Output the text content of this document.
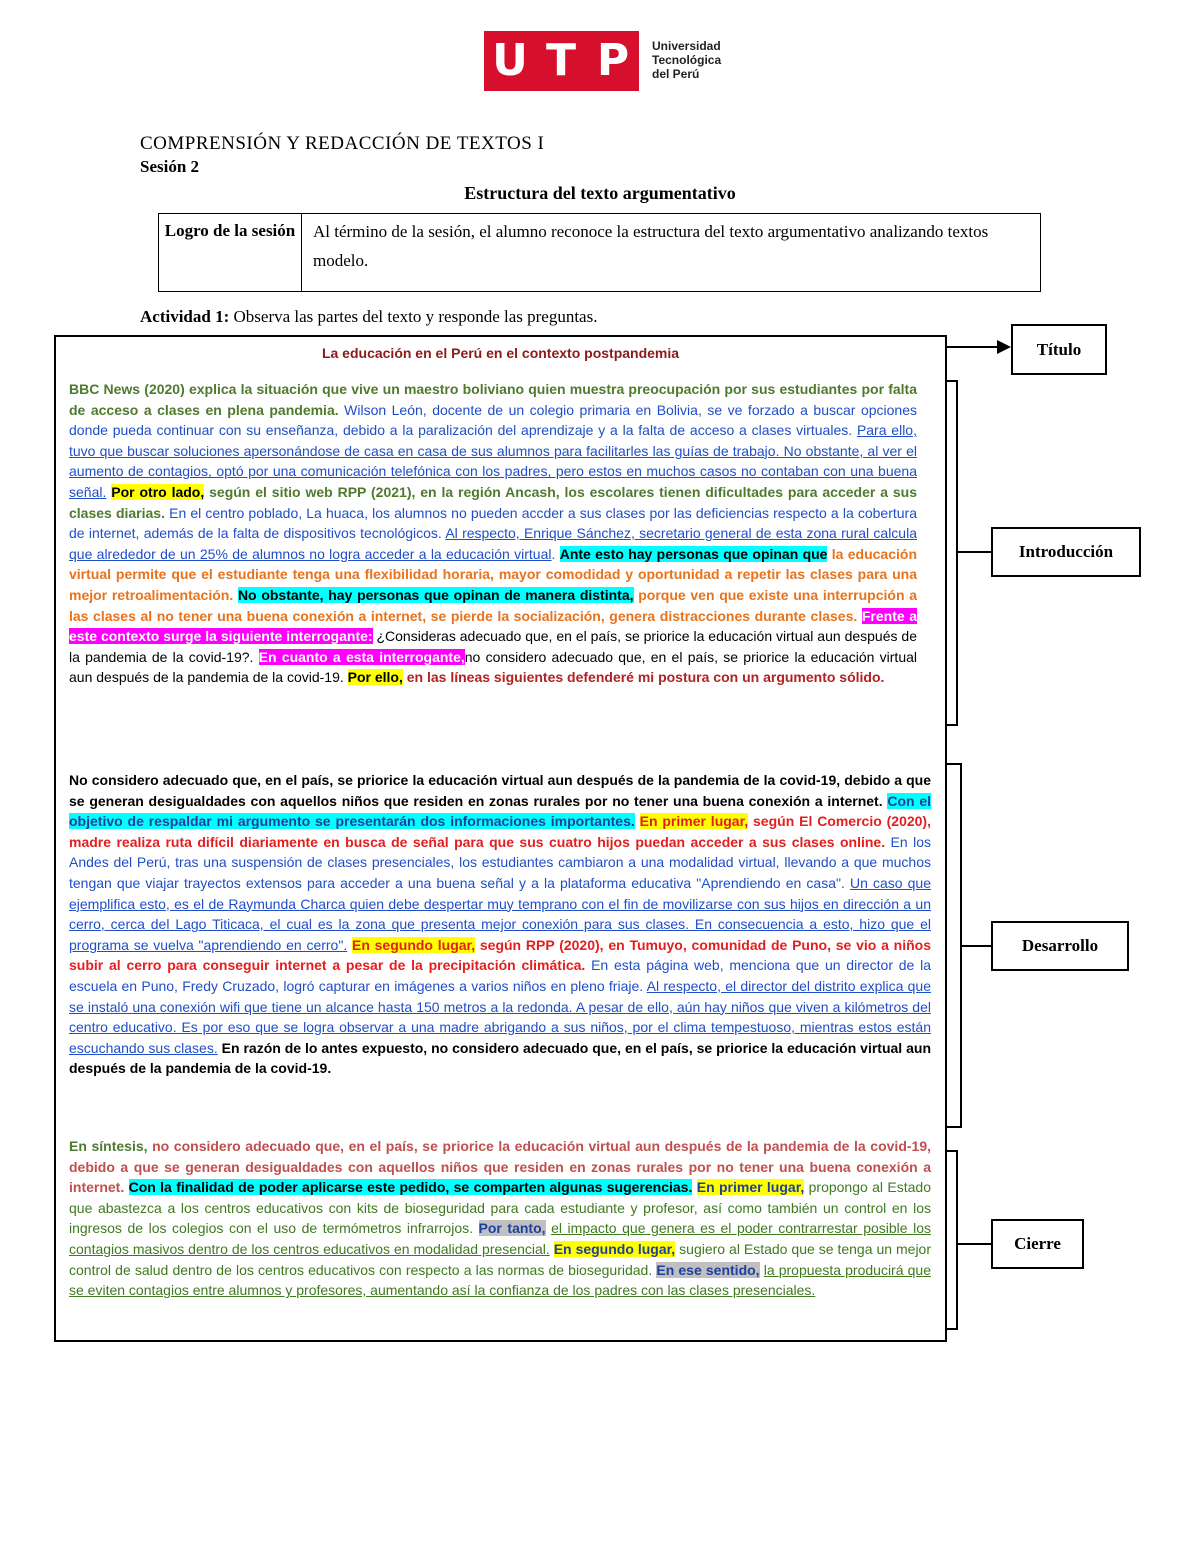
U T P	Universidad
Tecnológica
del Perú
COMPRENSIÓN Y REDACCIÓN DE TEXTOS I
Sesión 2
Estructura del texto argumentativo
Logro de la sesión	Al término de la sesión, el alumno reconoce la estructura del texto argumentativo analizando textos modelo.
Actividad 1: Observa las partes del texto y responde las preguntas.
La educación en el Perú en el contexto postpandemia
BBC News (2020) explica la situación que vive un maestro boliviano quien muestra preocupación por sus estudiantes por falta de acceso a clases en plena pandemia. Wilson León, docente de un colegio primaria en Bolivia, se ve forzado a buscar opciones donde pueda continuar con su enseñanza, debido a la paralización del aprendizaje y a la falta de acceso a clases virtuales. Para ello, tuvo que buscar soluciones apersonándose de casa en casa de sus alumnos para facilitarles las guías de trabajo. No obstante, al ver el aumento de contagios, optó por una comunicación telefónica con los padres, pero estos en muchos casos no contaban con una buena señal. Por otro lado, según el sitio web RPP (2021), en la región Ancash, los escolares tienen dificultades para acceder a sus clases diarias. En el centro poblado, La huaca, los alumnos no pueden accder a sus clases por las deficiencias respecto a la cobertura de internet, además de la falta de dispositivos tecnológicos. Al respecto, Enrique Sánchez, secretario general de esta zona rural calcula que alrededor de un 25% de alumnos no logra acceder a la educación virtual. Ante esto hay personas que opinan que la educación virtual permite que el estudiante tenga una flexibilidad horaria, mayor comodidad y oportunidad a repetir las clases para una mejor retroalimentación. No obstante, hay personas que opinan de manera distinta, porque ven que existe una interrupción a las clases al no tener una buena conexión a internet, se pierde la socialización, genera distracciones durante clases. Frente a este contexto surge la siguiente interrogante: ¿Consideras adecuado que, en el país, se priorice la educación virtual aun después de la pandemia de la covid-19?. En cuanto a esta interrogante,no considero adecuado que, en el país, se priorice la educación virtual aun después de la pandemia de la covid-19. Por ello, en las líneas siguientes defenderé mi postura con un argumento sólido.
No considero adecuado que, en el país, se priorice la educación virtual aun después de la pandemia de la covid-19, debido a que se generan desigualdades con aquellos niños que residen en zonas rurales por no tener una buena conexión a internet. Con el objetivo de respaldar mi argumento se presentarán dos informaciones importantes. En primer lugar, según El Comercio (2020), madre realiza ruta difícil diariamente en busca de señal para que sus cuatro hijos puedan acceder a sus clases online. En los Andes del Perú, tras una suspensión de clases presenciales, los estudiantes cambiaron a una modalidad virtual, llevando a que muchos tengan que viajar trayectos extensos para acceder a una buena señal y a la plataforma educativa "Aprendiendo en casa". Un caso que ejemplifica esto, es el de Raymunda Charca quien debe despertar muy temprano con el fin de movilizarse con sus hijos en dirección a un cerro, cerca del Lago Titicaca, el cual es la zona que presenta mejor conexión para sus clases. En consecuencia a esto, hizo que el programa se vuelva "aprendiendo en cerro". En segundo lugar, según RPP (2020), en Tumuyo, comunidad de Puno, se vio a niños subir al cerro para conseguir internet a pesar de la precipitación climática. En esta página web, menciona que un director de la escuela en Puno, Fredy Cruzado, logró capturar en imágenes a varios niños en pleno friaje. Al respecto, el director del distrito explica que se instaló una conexión wifi que tiene un alcance hasta 150 metros a la redonda. A pesar de ello, aún hay niños que viven a kilómetros del centro educativo. Es por eso que se logra observar a una madre abrigando a sus niños, por el clima tempestuoso, mientras estos están escuchando sus clases. En razón de lo antes expuesto, no considero adecuado que, en el país, se priorice la educación virtual aun después de la pandemia de la covid-19.
En síntesis, no considero adecuado que, en el país, se priorice la educación virtual aun después de la pandemia de la covid-19, debido a que se generan desigualdades con aquellos niños que residen en zonas rurales por no tener una buena conexión a internet. Con la finalidad de poder aplicarse este pedido, se comparten algunas sugerencias. En primer lugar, propongo al Estado que abastezca a los centros educativos con kits de bioseguridad para cada estudiante y profesor, así como también un control en los ingresos de los colegios con el uso de termómetros infrarrojos. Por tanto, el impacto que genera es el poder contrarrestar posible los contagios masivos dentro de los centros educativos en modalidad presencial. En segundo lugar, sugiero al Estado que se tenga un mejor control de salud dentro de los centros educativos con respecto a las normas de bioseguridad. En ese sentido, la propuesta producirá que se eviten contagios entre alumnos y profesores, aumentando así la confianza de los padres con las clases presenciales.
Título
Introducción
Desarrollo
Cierre
